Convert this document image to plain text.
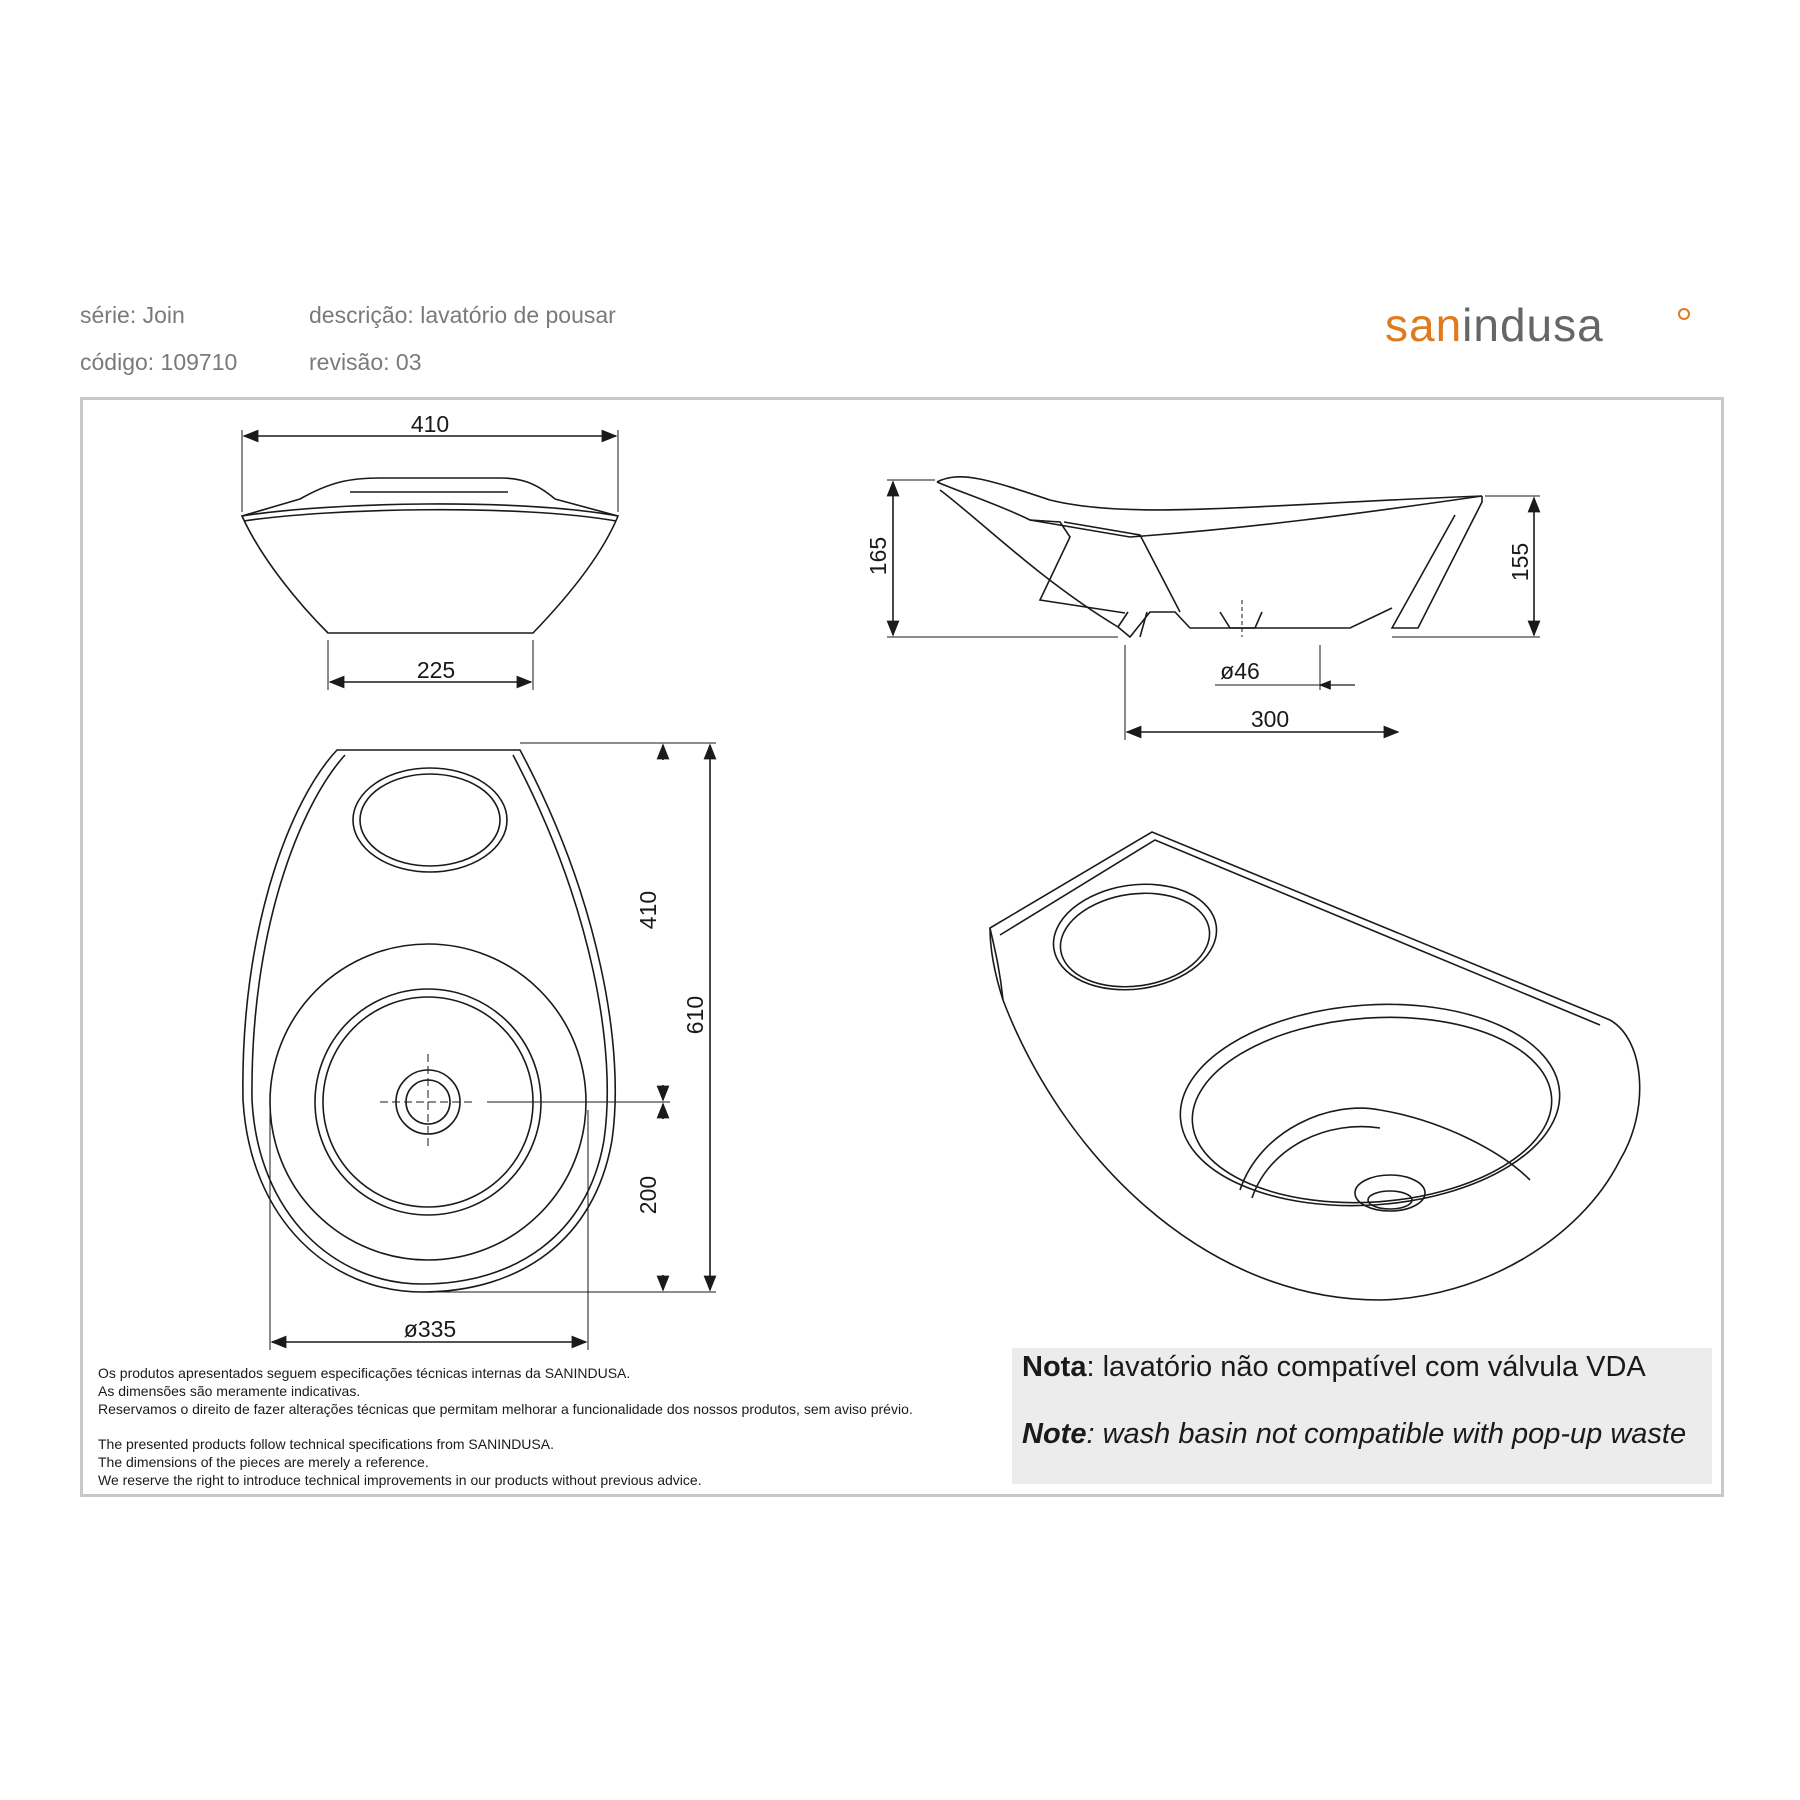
série: Join	descrição: lavatório de pousar
código: 109710	revisão: 03
sanindusa
410
225
165	155
ø46
300
410
610
200
ø335
Os produtos apresentados seguem especificações técnicas internas da SANINDUSA.
As dimensões são meramente indicativas.
Reservamos o direito de fazer alterações técnicas que permitam melhorar a funcionalidade dos nossos produtos, sem aviso prévio.
The presented products follow technical specifications from SANINDUSA.
The dimensions of the pieces are merely a reference.
We reserve the right to introduce technical improvements in our products without previous advice.
Nota: lavatório não compatível com válvula VDA
Note: wash basin not compatible with pop-up waste
